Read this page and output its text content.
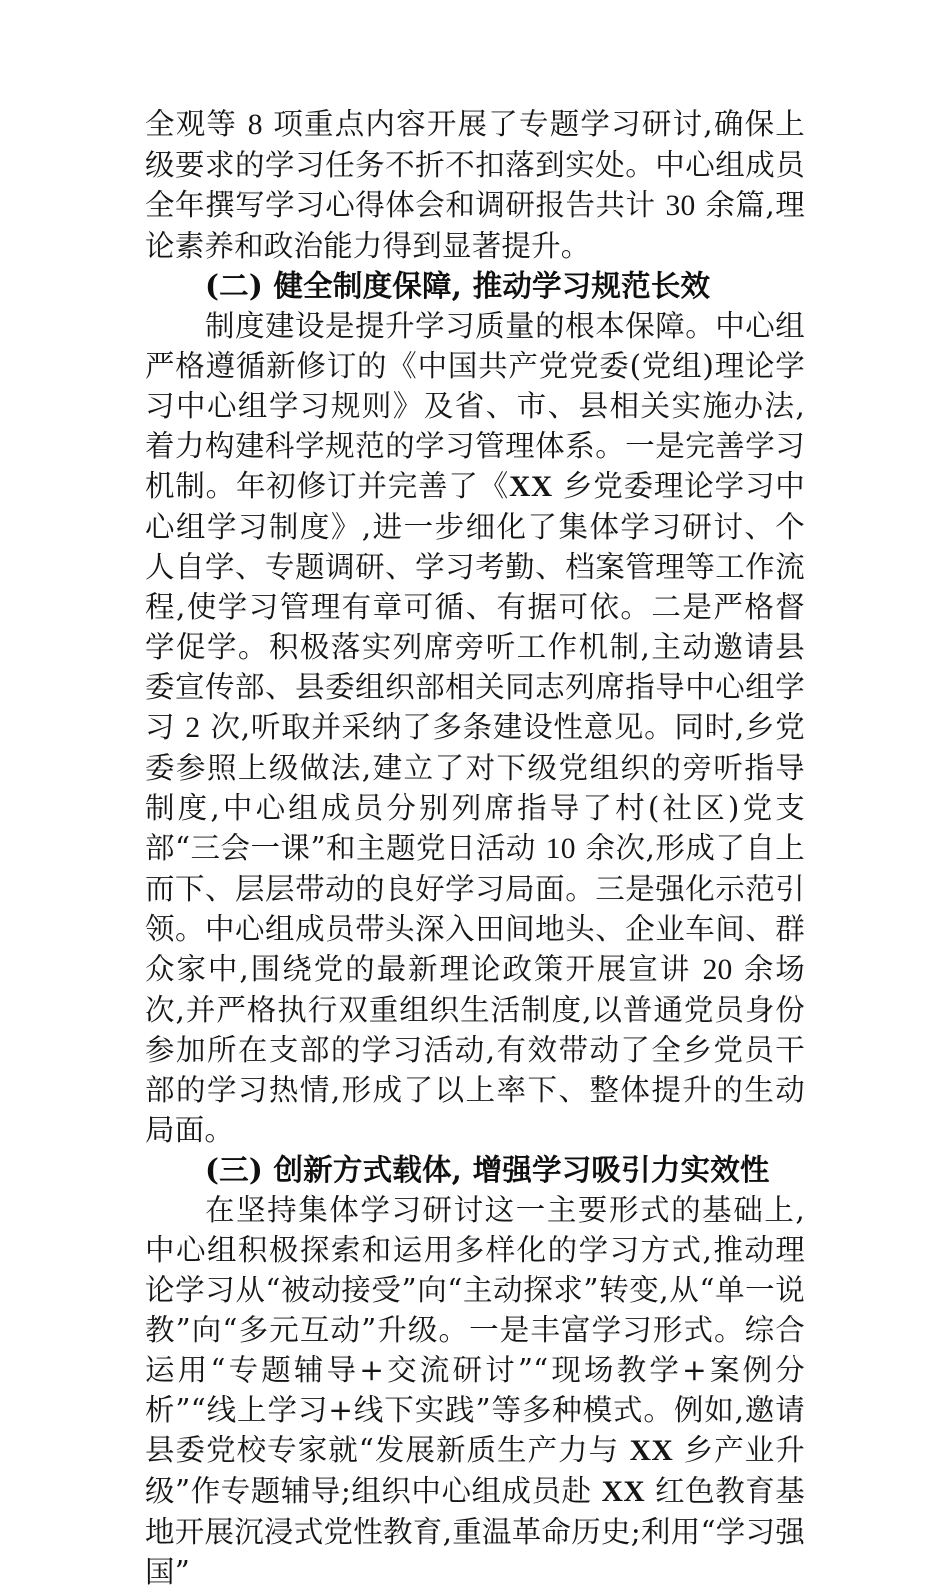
全观等 8 项重点内容开展了专题学习研讨,确保上级要求的学习任务不折不扣落到实处。中心组成员全年撰写学习心得体会和调研报告共计 30 余篇,理论素养和政治能力得到显著提升。

(二) 健全制度保障, 推动学习规范长效

制度建设是提升学习质量的根本保障。中心组严格遵循新修订的《中国共产党党委(党组)理论学习中心组学习规则》及省、市、县相关实施办法,着力构建科学规范的学习管理体系。一是完善学习机制。年初修订并完善了《XX 乡党委理论学习中心组学习制度》,进一步细化了集体学习研讨、个人自学、专题调研、学习考勤、档案管理等工作流程,使学习管理有章可循、有据可依。二是严格督学促学。积极落实列席旁听工作机制,主动邀请县委宣传部、县委组织部相关同志列席指导中心组学习 2 次,听取并采纳了多条建设性意见。同时,乡党委参照上级做法,建立了对下级党组织的旁听指导制度,中心组成员分别列席指导了村(社区)党支部“三会一课”和主题党日活动 10 余次,形成了自上而下、层层带动的良好学习局面。三是强化示范引领。中心组成员带头深入田间地头、企业车间、群众家中,围绕党的最新理论政策开展宣讲 20 余场次,并严格执行双重组织生活制度,以普通党员身份参加所在支部的学习活动,有效带动了全乡党员干部的学习热情,形成了以上率下、整体提升的生动局面。

(三) 创新方式载体, 增强学习吸引力实效性

在坚持集体学习研讨这一主要形式的基础上,中心组积极探索和运用多样化的学习方式,推动理论学习从“被动接受”向“主动探求”转变,从“单一说教”向“多元互动”升级。一是丰富学习形式。综合运用“专题辅导+交流研讨”“现场教学+案例分析”“线上学习+线下实践”等多种模式。例如,邀请县委党校专家就“发展新质生产力与 XX 乡产业升级”作专题辅导;组织中心组成员赴 XX 红色教育基地开展沉浸式党性教育,重温革命历史;利用“学习强国”
